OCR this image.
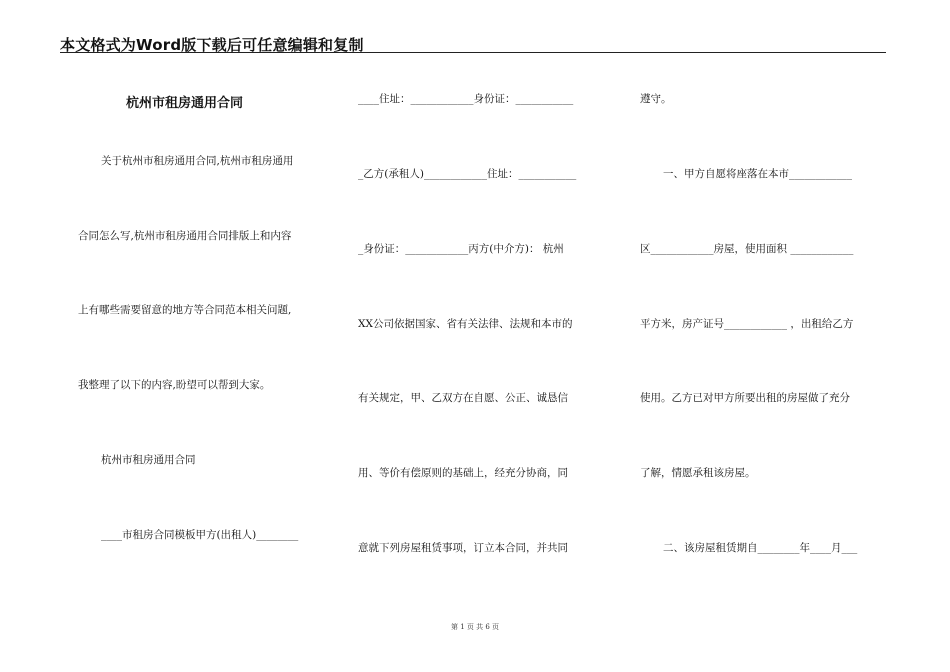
本文格式为Word版下载后可任意编辑和复制
杭州市租房通用合同
关于杭州市租房通用合同,杭州市租房通用
合同怎么写,杭州市租房通用合同排版上和内容
上有哪些需要留意的地方等合同范本相关问题,
我整理了以下的内容,盼望可以帮到大家。
杭州市租房通用合同
____市租房合同模板甲方(出租人)________
____住址：____________身份证：___________
_乙方(承租人)____________住址：___________
_身份证：____________丙方(中介方)： 杭州
XX公司依据国家、省有关法律、法规和本市的
有关规定，甲、乙双方在自愿、公正、诚恳信
用、等价有偿原则的基础上，经充分协商，同
意就下列房屋租赁事项，订立本合同，并共同
遵守。
一、甲方自愿将座落在本市____________
区____________房屋，使用面积 ____________
平方米，房产证号____________ ，出租给乙方
使用。乙方已对甲方所要出租的房屋做了充分
了解，情愿承租该房屋。
二、该房屋租赁期自________年____月___
第 1 页 共 6 页
